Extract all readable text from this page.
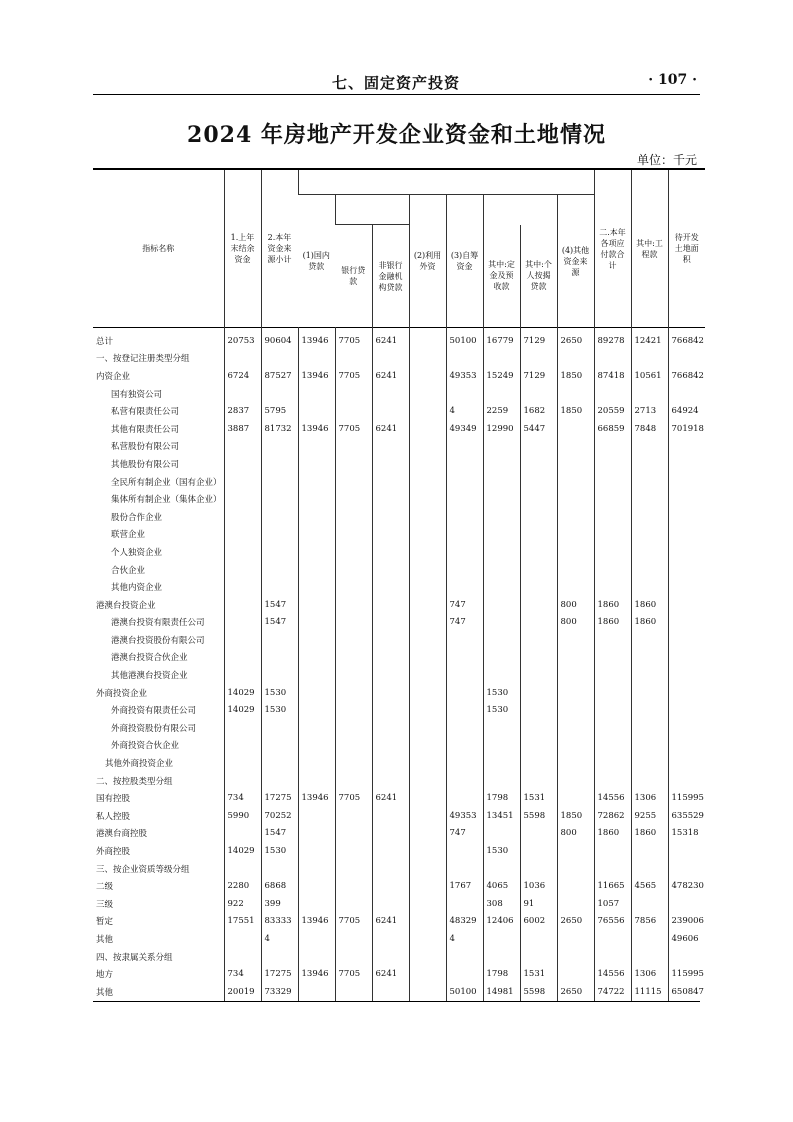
七、固定资产投资	· 107 ·
2024 年房地产开发企业资金和土地情况
单位：千元
指标名称	1.上年末结余资金	2.本年资金来源小计									二.本年各项应付款合计	其中:工程款	待开发土地面积
			(1)国内贷款			(2)利用外资	(3)自筹资金			(4)其他资金来源			
				银行贷款	非银行金融机构贷款			其中:定金及预收款	其中:个人按揭贷款				
总计	20753	90604	13946	7705	6241		50100	16779	7129	2650	89278	12421	766842
一、按登记注册类型分组													
内资企业	6724	87527	13946	7705	6241		49353	15249	7129	1850	87418	10561	766842
国有独资公司													
私营有限责任公司	2837	5795					4	2259	1682	1850	20559	2713	64924
其他有限责任公司	3887	81732	13946	7705	6241		49349	12990	5447		66859	7848	701918
私营股份有限公司													
其他股份有限公司													
全民所有制企业（国有企业）													
集体所有制企业（集体企业）													
股份合作企业													
联营企业													
个人独资企业													
合伙企业													
其他内资企业													
港澳台投资企业		1547					747			800	1860	1860	
港澳台投资有限责任公司		1547					747			800	1860	1860	
港澳台投资股份有限公司													
港澳台投资合伙企业													
其他港澳台投资企业													
外商投资企业	14029	1530						1530					
外商投资有限责任公司	14029	1530						1530					
外商投资股份有限公司													
外商投资合伙企业													
其他外商投资企业													
二、按控股类型分组													
国有控股	734	17275	13946	7705	6241			1798	1531		14556	1306	115995
私人控股	5990	70252					49353	13451	5598	1850	72862	9255	635529
港澳台商控股		1547					747			800	1860	1860	15318
外商控股	14029	1530						1530					
三、按企业资质等级分组													
二级	2280	6868					1767	4065	1036		11665	4565	478230
三级	922	399						308	91		1057		
暂定	17551	83333	13946	7705	6241		48329	12406	6002	2650	76556	7856	239006
其他		4					4						49606
四、按隶属关系分组													
地方	734	17275	13946	7705	6241			1798	1531		14556	1306	115995
其他	20019	73329					50100	14981	5598	2650	74722	11115	650847
